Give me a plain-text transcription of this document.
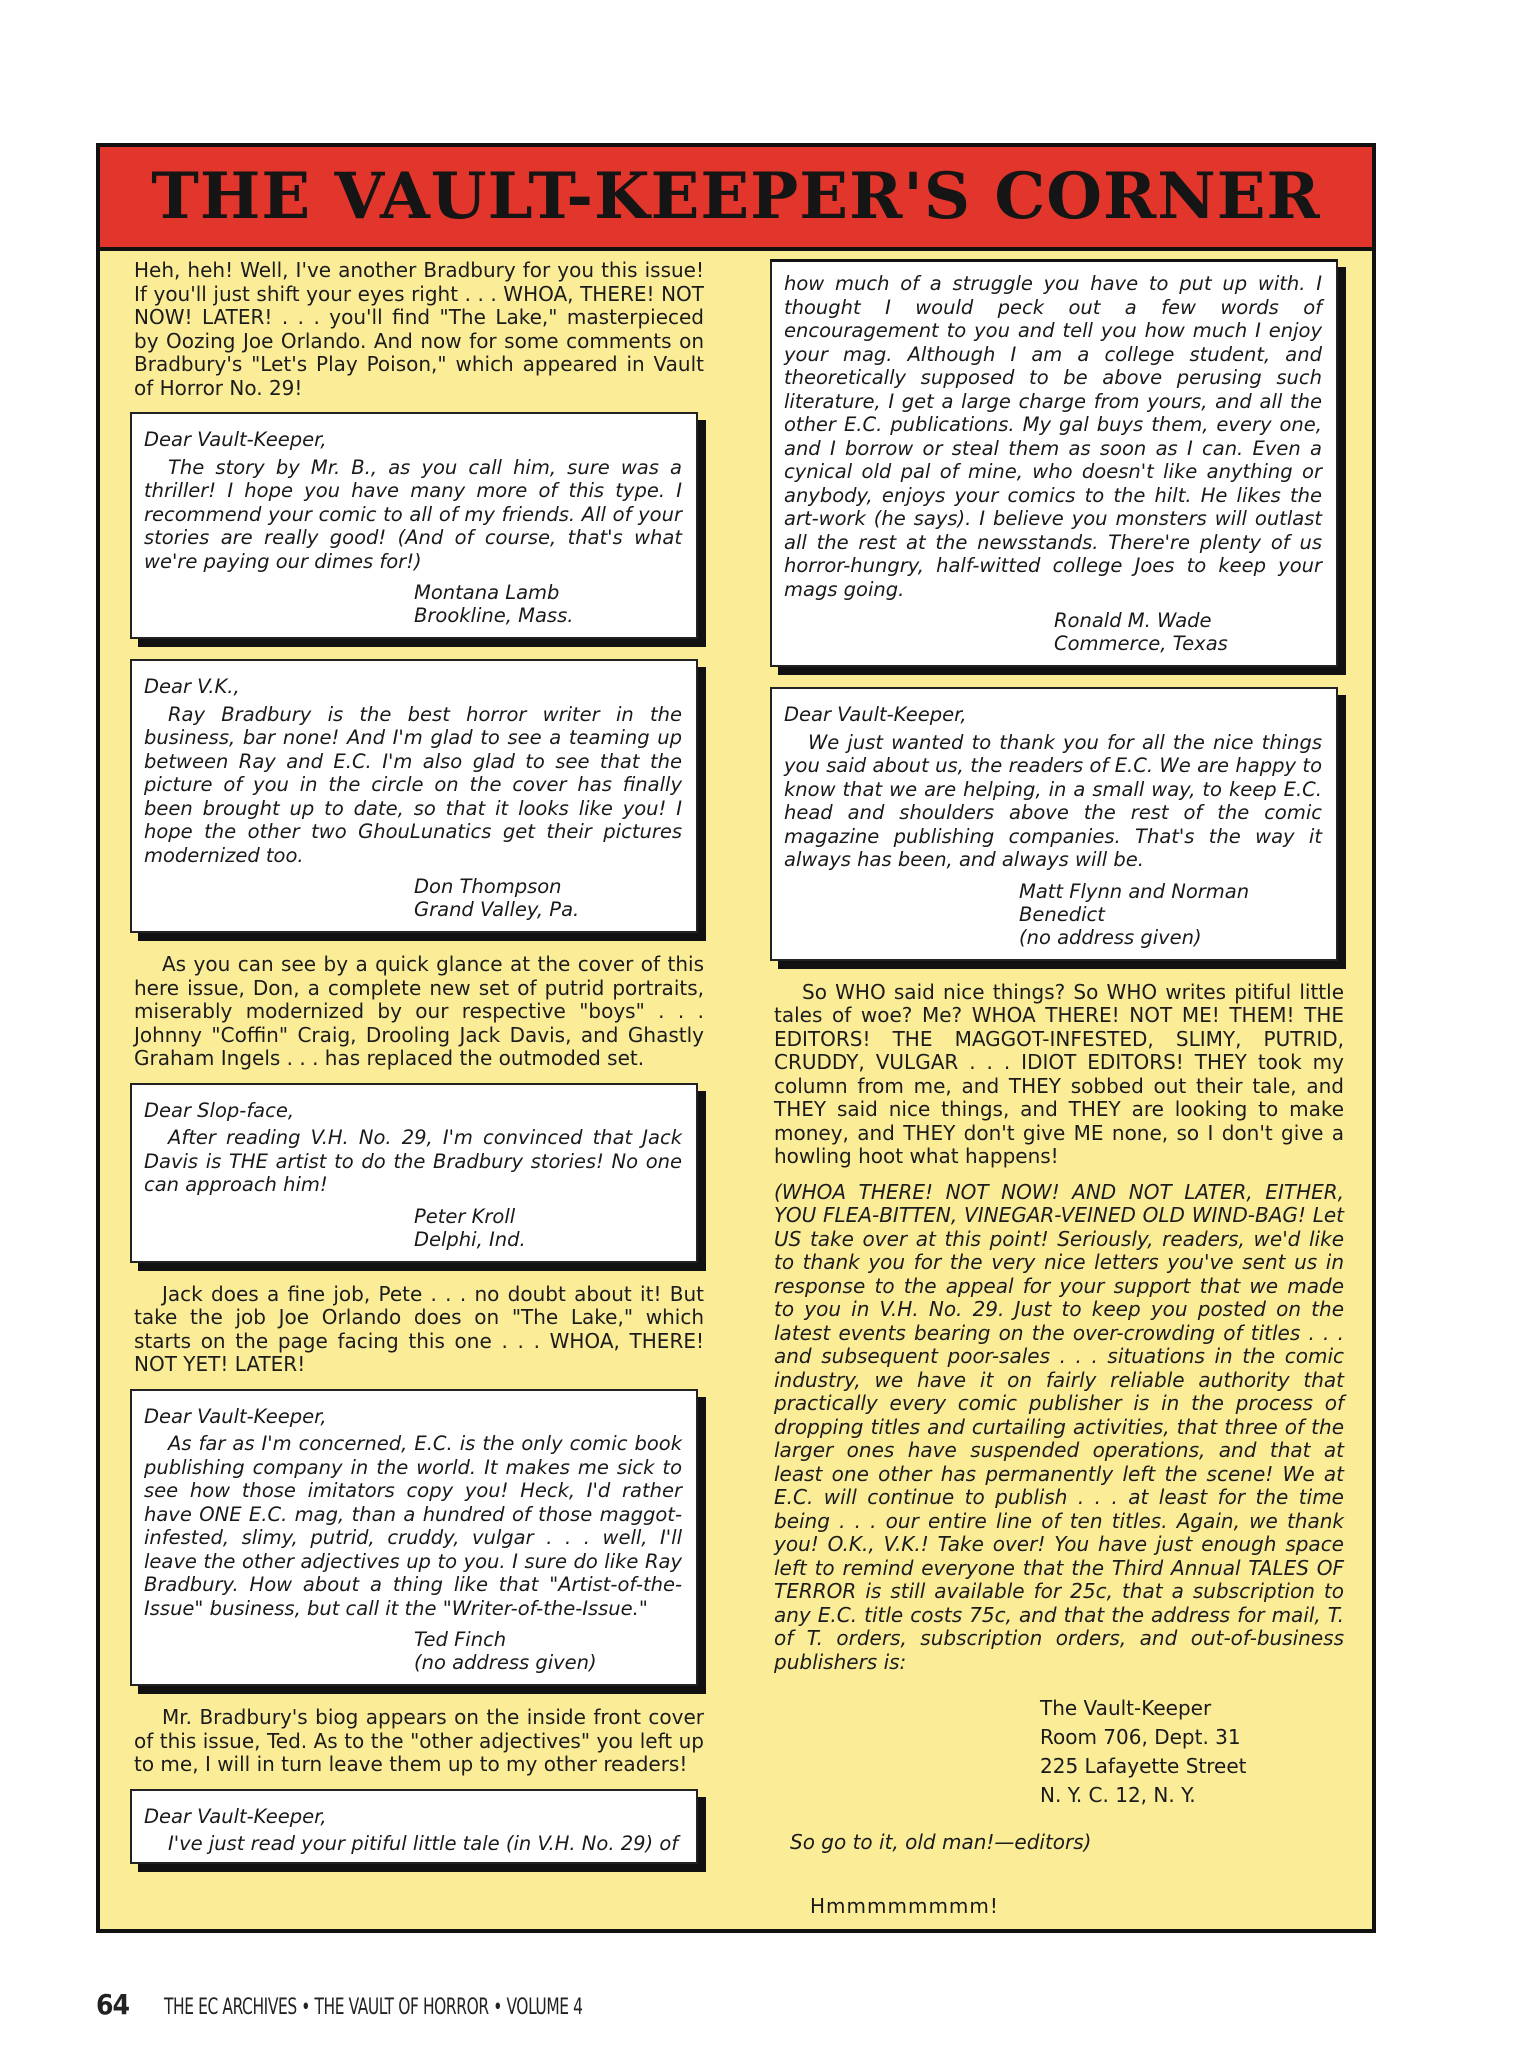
THE VAULT-KEEPER'S CORNER

Heh, heh! Well, I've another Bradbury for you this issue! If you'll just shift your eyes right . . . WHOA, THERE! NOT NOW! LATER! . . . you'll find "The Lake," masterpieced by Oozing Joe Orlando. And now for some comments on Bradbury's "Let's Play Poison," which appeared in Vault of Horror No. 29!

Dear Vault-Keeper,
The story by Mr. B., as you call him, sure was a thriller! I hope you have many more of this type. I recommend your comic to all of my friends. All of your stories are really good! (And of course, that's what we're paying our dimes for!)
Montana Lamb
Brookline, Mass.
Dear V.K.,
Ray Bradbury is the best horror writer in the business, bar none! And I'm glad to see a teaming up between Ray and E.C. I'm also glad to see that the picture of you in the circle on the cover has finally been brought up to date, so that it looks like you! I hope the other two GhouLunatics get their pictures modernized too.
Don Thompson
Grand Valley, Pa.

As you can see by a quick glance at the cover of this here issue, Don, a complete new set of putrid portraits, miserably modernized by our respective "boys" . . . Johnny "Coffin" Craig, Drooling Jack Davis, and Ghastly Graham Ingels . . . has replaced the outmoded set.

Dear Slop-face,
After reading V.H. No. 29, I'm convinced that Jack Davis is THE artist to do the Bradbury stories! No one can approach him!
Peter Kroll
Delphi, Ind.

Jack does a fine job, Pete . . . no doubt about it! But take the job Joe Orlando does on "The Lake," which starts on the page facing this one . . . WHOA, THERE! NOT YET! LATER!

Dear Vault-Keeper,
As far as I'm concerned, E.C. is the only comic book publishing company in the world. It makes me sick to see how those imitators copy you! Heck, I'd rather have ONE E.C. mag, than a hundred of those maggot-infested, slimy, putrid, cruddy, vulgar . . . well, I'll leave the other adjectives up to you. I sure do like Ray Bradbury. How about a thing like that "Artist-of-the-Issue" business, but call it the "Writer-of-the-Issue."
Ted Finch
(no address given)

Mr. Bradbury's biog appears on the inside front cover of this issue, Ted. As to the "other adjectives" you left up to me, I will in turn leave them up to my other readers!

Dear Vault-Keeper,
I've just read your pitiful little tale (in V.H. No. 29) of
how much of a struggle you have to put up with. I thought I would peck out a few words of encouragement to you and tell you how much I enjoy your mag. Although I am a college student, and theoretically supposed to be above perusing such literature, I get a large charge from yours, and all the other E.C. publications. My gal buys them, every one, and I borrow or steal them as soon as I can. Even a cynical old pal of mine, who doesn't like anything or anybody, enjoys your comics to the hilt. He likes the art-work (he says). I believe you monsters will outlast all the rest at the newsstands. There're plenty of us horror-hungry, half-witted college Joes to keep your mags going.
Ronald M. Wade
Commerce, Texas
Dear Vault-Keeper,
We just wanted to thank you for all the nice things you said about us, the readers of E.C. We are happy to know that we are helping, in a small way, to keep E.C. head and shoulders above the rest of the comic magazine publishing companies. That's the way it always has been, and always will be.
Matt Flynn and Norman Benedict
(no address given)

So WHO said nice things? So WHO writes pitiful little tales of woe? Me? WHOA THERE! NOT ME! THEM! THE EDITORS! THE MAGGOT-INFESTED, SLIMY, PUTRID, CRUDDY, VULGAR . . . IDIOT EDITORS! THEY took my column from me, and THEY sobbed out their tale, and THEY said nice things, and THEY are looking to make money, and THEY don't give ME none, so I don't give a howling hoot what happens!

(WHOA THERE! NOT NOW! AND NOT LATER, EITHER, YOU FLEA-BITTEN, VINEGAR-VEINED OLD WIND-BAG! Let US take over at this point! Seriously, readers, we'd like to thank you for the very nice letters you've sent us in response to the appeal for your support that we made to you in V.H. No. 29. Just to keep you posted on the latest events bearing on the over-crowding of titles . . . and subsequent poor-sales . . . situations in the comic industry, we have it on fairly reliable authority that practically every comic publisher is in the process of dropping titles and curtailing activities, that three of the larger ones have suspended operations, and that at least one other has permanently left the scene! We at E.C. will continue to publish . . . at least for the time being . . . our entire line of ten titles. Again, we thank you! O.K., V.K.! Take over! You have just enough space left to remind everyone that the Third Annual TALES OF TERROR is still available for 25c, that a subscription to any E.C. title costs 75c, and that the address for mail, T. of T. orders, subscription orders, and out-of-business publishers is:

The Vault-Keeper
Room 706, Dept. 31
225 Lafayette Street
N. Y. C. 12, N. Y.
So go to it, old man!—editors)
Hmmmmmmmm!
64 THE EC ARCHIVES • THE VAULT OF HORROR • VOLUME 4
